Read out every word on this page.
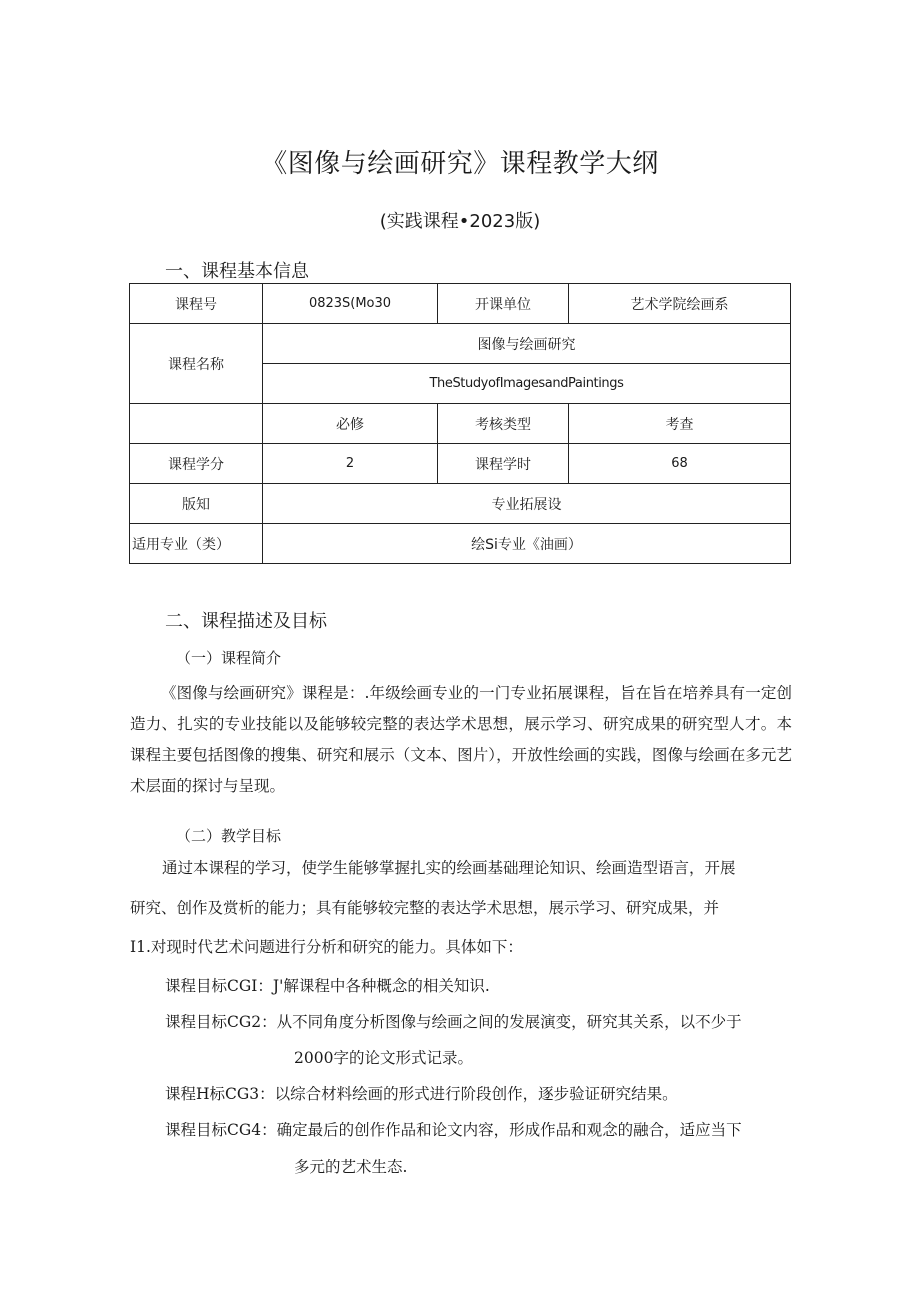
《图像与绘画研究》课程教学大纲
(实践课程•2023版)
一、课程基本信息
课程号	0823S(Mo30	开课单位	艺术学院绘画系
课程名称	图像与绘画研究		
	TheStudyofImagesandPaintings		
	必修	考核类型	考查
课程学分	2	课程学时	68
版知	专业拓展设		
适用专业（类）	绘Si专业《油画）		
二、课程描述及目标
（一）课程简介

《图像与绘画研究》课程是：.年级绘画专业的一门专业拓展课程，旨在旨在培养具有一定创造力、扎实的专业技能以及能够较完整的表达学术思想，展示学习、研究成果的研究型人才。本课程主要包括图像的搜集、研究和展示（文本、图片），开放性绘画的实践，图像与绘画在多元艺术层面的探讨与呈现。

（二）教学目标
通过本课程的学习，使学生能够掌握扎实的绘画基础理论知识、绘画造型语言，开展
研究、创作及赏析的能力；具有能够较完整的表达学术思想，展示学习、研究成果，并
I1.对现时代艺术问题进行分析和研究的能力。具体如下：
课程目标CGI：J'解课程中各种概念的相关知识.
课程目标CG2：从不同角度分析图像与绘画之间的发展演变，研究其关系，以不少于
2000字的论文形式记录。
课程H标CG3：以综合材料绘画的形式进行阶段创作，逐步验证研究结果。
课程目标CG4：确定最后的创作作品和论文内容，形成作品和观念的融合，适应当下
多元的艺术生态.
